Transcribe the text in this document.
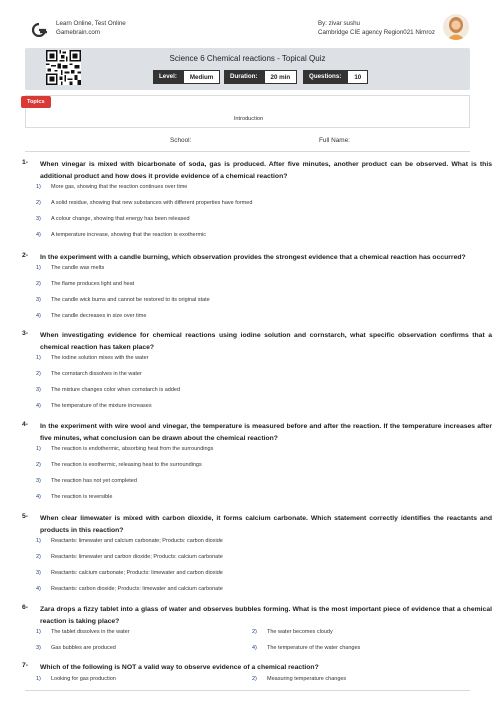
Learn Online, Test Online
Gamebrain.com
By: zivar sushu
Cambridge CIE agency Region021 Nimroz
Science 6 Chemical reactions - Topical Quiz
Level:	Medium	Duration:	20 min	Questions:	10
Topics
Introduction
School:	Full Name:
1- When vinegar is mixed with bicarbonate of soda, gas is produced. After five minutes, another product can be observed. What is this additional product and how does it provide evidence of a chemical reaction?
1) More gas, showing that the reaction continues over time
2) A solid residue, showing that new substances with different properties have formed
3) A colour change, showing that energy has been released
4) A temperature increase, showing that the reaction is exothermic
2- In the experiment with a candle burning, which observation provides the strongest evidence that a chemical reaction has occurred?
1) The candle wax melts
2) The flame produces light and heat
3) The candle wick burns and cannot be restored to its original state
4) The candle decreases in size over time
3- When investigating evidence for chemical reactions using iodine solution and cornstarch, what specific observation confirms that a chemical reaction has taken place?
1) The iodine solution mixes with the water
2) The cornstarch dissolves in the water
3) The mixture changes color when cornstarch is added
4) The temperature of the mixture increases
4- In the experiment with wire wool and vinegar, the temperature is measured before and after the reaction. If the temperature increases after five minutes, what conclusion can be drawn about the chemical reaction?
1) The reaction is endothermic, absorbing heat from the surroundings
2) The reaction is exothermic, releasing heat to the surroundings
3) The reaction has not yet completed
4) The reaction is reversible
5- When clear limewater is mixed with carbon dioxide, it forms calcium carbonate. Which statement correctly identifies the reactants and products in this reaction?
1) Reactants: limewater and calcium carbonate; Products: carbon dioxide
2) Reactants: limewater and carbon dioxide; Products: calcium carbonate
3) Reactants: calcium carbonate; Products: limewater and carbon dioxide
4) Reactants: carbon dioxide; Products: limewater and calcium carbonate
6- Zara drops a fizzy tablet into a glass of water and observes bubbles forming. What is the most important piece of evidence that a chemical reaction is taking place?
1) The tablet dissolves in the water	2) The water becomes cloudy
3) Gas bubbles are produced	4) The temperature of the water changes
7- Which of the following is NOT a valid way to observe evidence of a chemical reaction?
1) Looking for gas production	2) Measuring temperature changes
